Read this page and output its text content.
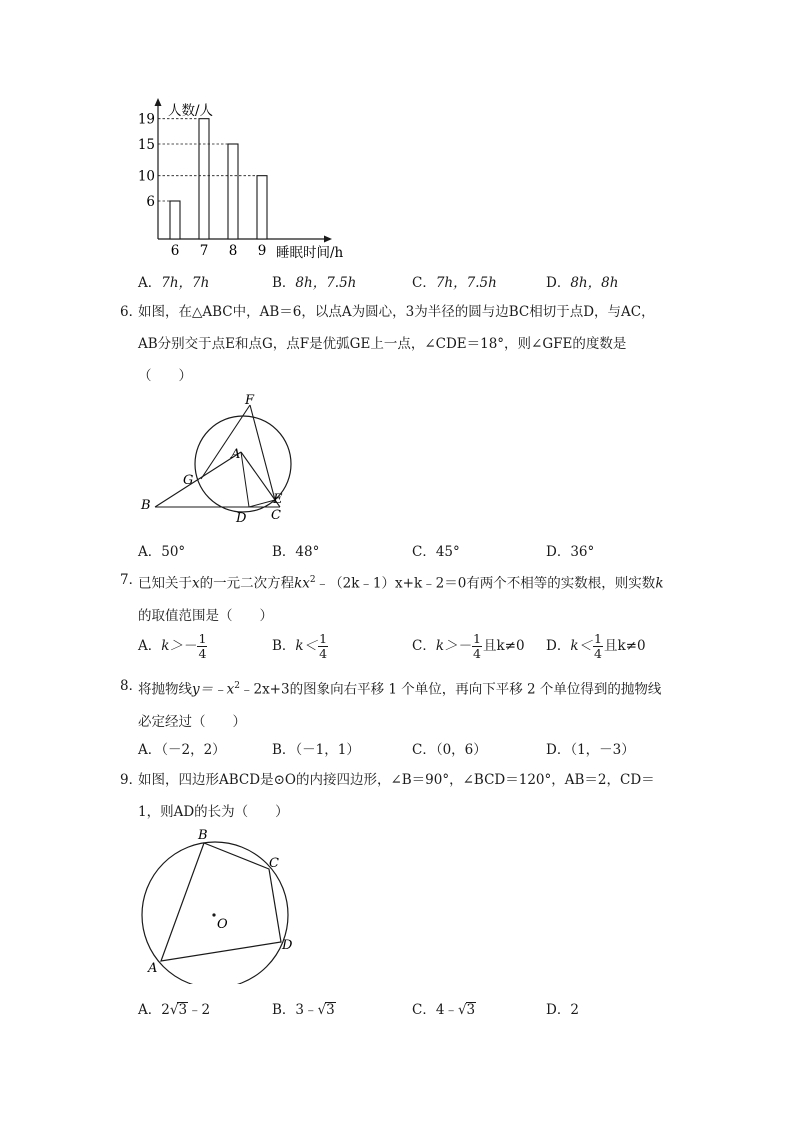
人数/人
睡眠时间/h
6 7 8 9
6
10
15
19
A．7h，7h	B．8h，7.5h	C．7h，7.5h	D．8h，8h
6．
如图，在△ABC中，AB＝6，以点A为圆心，3为半径的圆与边BC相切于点D，与AC，
AB分别交于点E和点G，点F是优弧GE上一点，∠CDE＝18°，则∠GFE的度数是
（　　）
F
A
G
B	E
D C
A．50°	B．48°	C．45°	D．36°
7．
已知关于x的一元二次方程$kx^2﹣(2k﹣1)x+k﹣2=0$有两个不相等的实数根，则实数k
的取值范围是（　　）
A．$k>- \frac{1}{4}$	B．$k< \frac{1}{4}$	C．$k>- \frac{1}{4}$ 且k≠0 D．$k< \frac{1}{4}$ 且k≠0
8．
将抛物线$y=﹣x^2﹣2x+3$的图象向右平移 1 个单位，再向下平移 2 个单位得到的抛物线
必定经过（　　）
A．（－2，2）	B．（－1，1）	C．（0，6）	D．（1，－3）
9．
如图，四边形ABCD是⊙O的内接四边形，∠B＝90°，∠BCD＝120°，AB＝2，CD＝
1，则AD的长为（　　）
B
C
O
D
A
A．2√3﹣2	B．3﹣√3	C．4﹣√3	D．2
